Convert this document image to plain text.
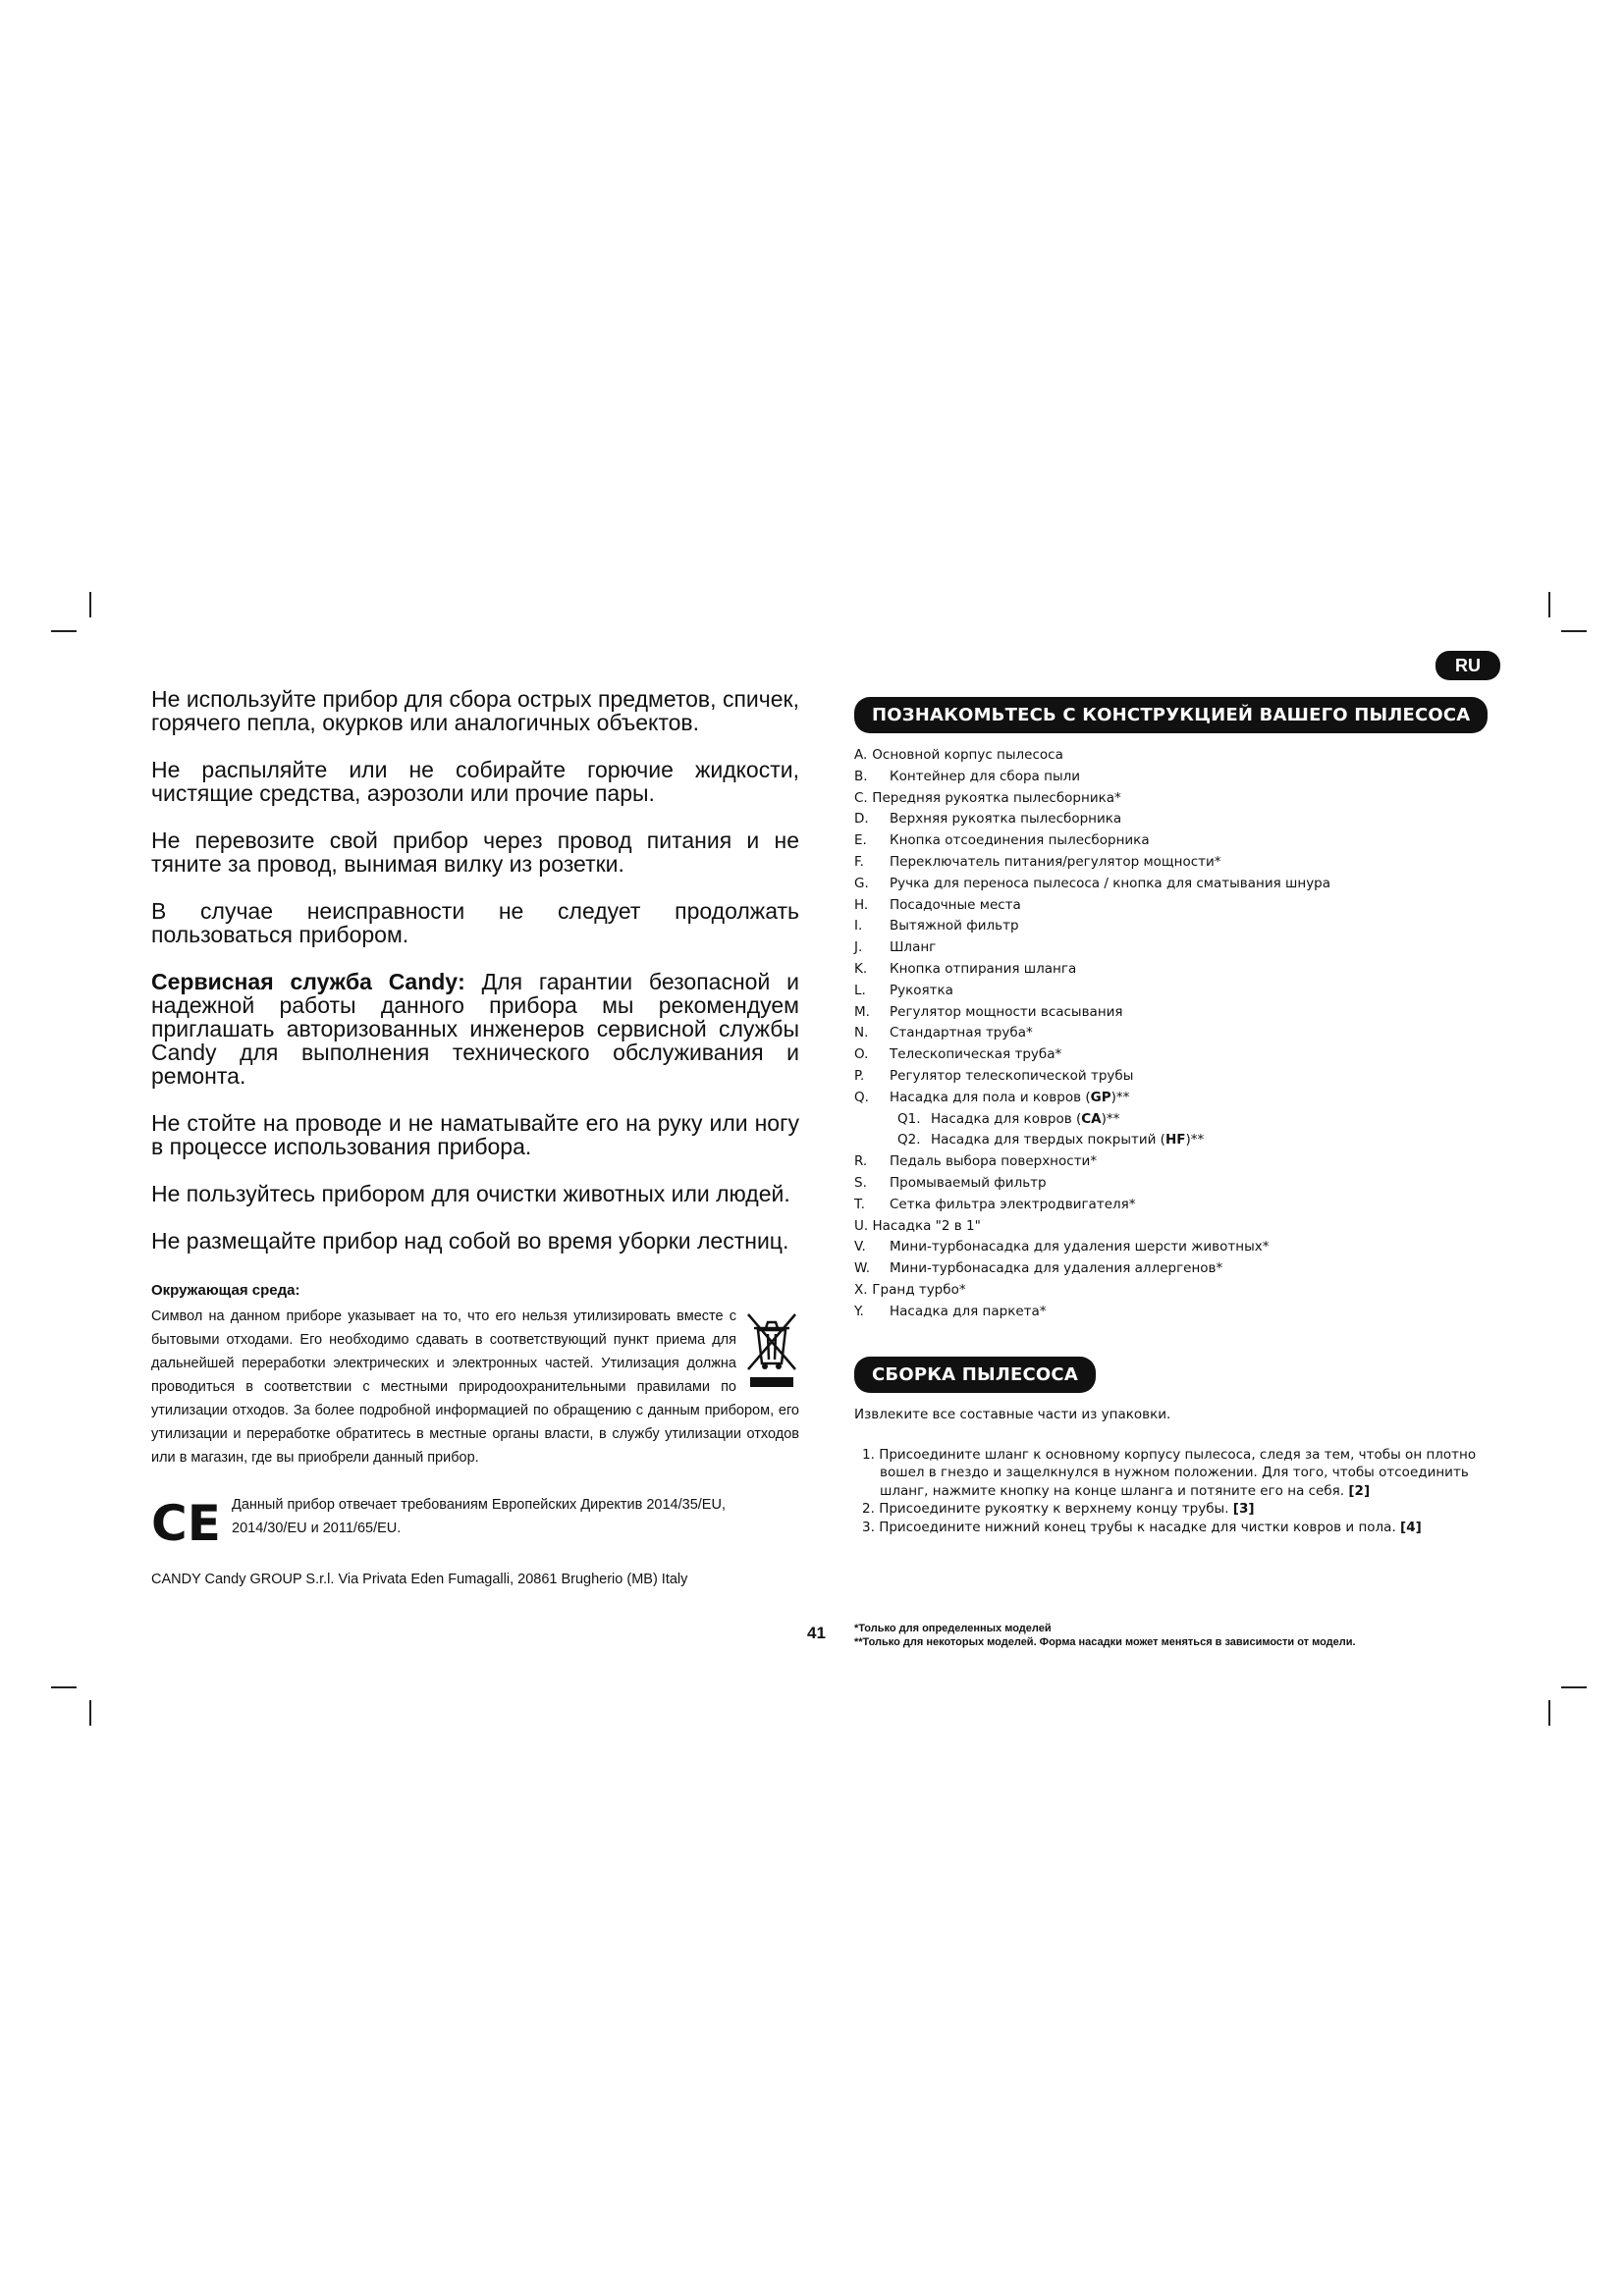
Не используйте прибор для сбора острых предметов, спичек, горячего пепла, окурков или аналогичных объектов.

Не распыляйте или не собирайте горючие жидкости, чистящие средства, аэрозоли или прочие пары.

Не перевозите свой прибор через провод питания и не тяните за провод, вынимая вилку из розетки.

В случае неисправности не следует продолжать пользоваться прибором.

Сервисная служба Candy: Для гарантии безопасной и надежной работы данного прибора мы рекомендуем приглашать авторизованных инженеров сервисной службы Candy для выполнения технического обслуживания и ремонта.

Не стойте на проводе и не наматывайте его на руку или ногу в процессе использования прибора.

Не пользуйтесь прибором для очистки животных или людей.

Не размещайте прибор над собой во время уборки лестниц.

Окружающая среда:

Символ на данном приборе указывает на то, что его нельзя утилизировать вместе с бытовыми отходами. Его необходимо сдавать в соответствующий пункт приема для дальнейшей переработки электрических и электронных частей. Утилизация должна проводиться в соответствии с местными природоохранительными правилами по утилизации отходов. За более подробной информацией по обращению с данным прибором, его утилизации и переработке обратитесь в местные органы власти, в службу утилизации отходов или в магазин, где вы приобрели данный прибор.

CE Данный прибор отвечает требованиям Европейских Директив 2014/35/EU, 2014/30/EU и 2011/65/EU.
CANDY Candy GROUP S.r.l. Via Privata Eden Fumagalli, 20861 Brugherio (MB) Italy
41
RU
ПОЗНАКОМЬТЕСЬ С КОНСТРУКЦИЕЙ ВАШЕГО ПЫЛЕСОСА
A. Основной корпус пылесоса
B. Контейнер для сбора пыли
C. Передняя рукоятка пылесборника*
D. Верхняя рукоятка пылесборника
E. Кнопка отсоединения пылесборника
F. Переключатель питания/регулятор мощности*
G. Ручка для переноса пылесоса / кнопка для сматывания шнура
H. Посадочные места
I. Вытяжной фильтр
J. Шланг
K. Кнопка отпирания шланга
L. Рукоятка
M. Регулятор мощности всасывания
N. Стандартная труба*
O. Телескопическая труба*
P. Регулятор телескопической трубы
Q. Насадка для пола и ковров (GP)**
Q1. Насадка для ковров (CA)**
Q2. Насадка для твердых покрытий (HF)**
R. Педаль выбора поверхности*
S. Промываемый фильтр
T. Сетка фильтра электродвигателя*
U. Насадка "2 в 1"
V. Мини-турбонасадка для удаления шерсти животных*
W. Мини-турбонасадка для удаления аллергенов*
X. Гранд турбо*
Y. Насадка для паркета*
СБОРКА ПЫЛЕСОСА
Извлеките все составные части из упаковки.
1. Присоедините шланг к основному корпусу пылесоса, следя за тем, чтобы он плотно вошел в гнездо и защелкнулся в нужном положении. Для того, чтобы отсоединить шланг, нажмите кнопку на конце шланга и потяните его на себя. [2]
2. Присоедините рукоятку к верхнему концу трубы. [3]
3. Присоедините нижний конец трубы к насадке для чистки ковров и пола. [4]
*Только для определенных моделей
**Только для некоторых моделей. Форма насадки может меняться в зависимости от модели.
